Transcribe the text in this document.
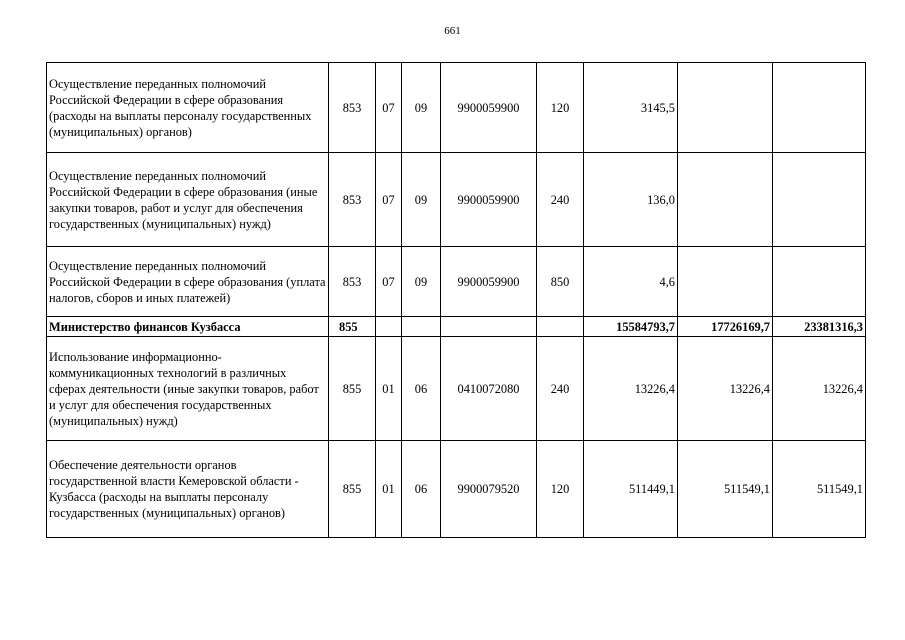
661
Осуществление переданных полномочий Российской Федерации в сфере образования (расходы на выплаты персоналу государственных (муниципальных) органов)	853	07	09	9900059900	120	3145,5		
Осуществление переданных полномочий Российской Федерации в сфере образования (иные закупки товаров, работ и услуг для обеспечения государственных (муниципальных) нужд)	853	07	09	9900059900	240	136,0		
Осуществление переданных полномочий Российской Федерации в сфере образования (уплата налогов, сборов и иных платежей)	853	07	09	9900059900	850	4,6		
Министерство финансов Кузбасса	855					15584793,7	17726169,7	23381316,3
Использование информационно-коммуникационных технологий в различных сферах деятельности (иные закупки товаров, работ и услуг для обеспечения государственных (муниципальных) нужд)	855	01	06	0410072080	240	13226,4	13226,4	13226,4
Обеспечение деятельности органов государственной власти Кемеровской области - Кузбасса (расходы на выплаты персоналу государственных (муниципальных) органов)	855	01	06	9900079520	120	511449,1	511549,1	511549,1
